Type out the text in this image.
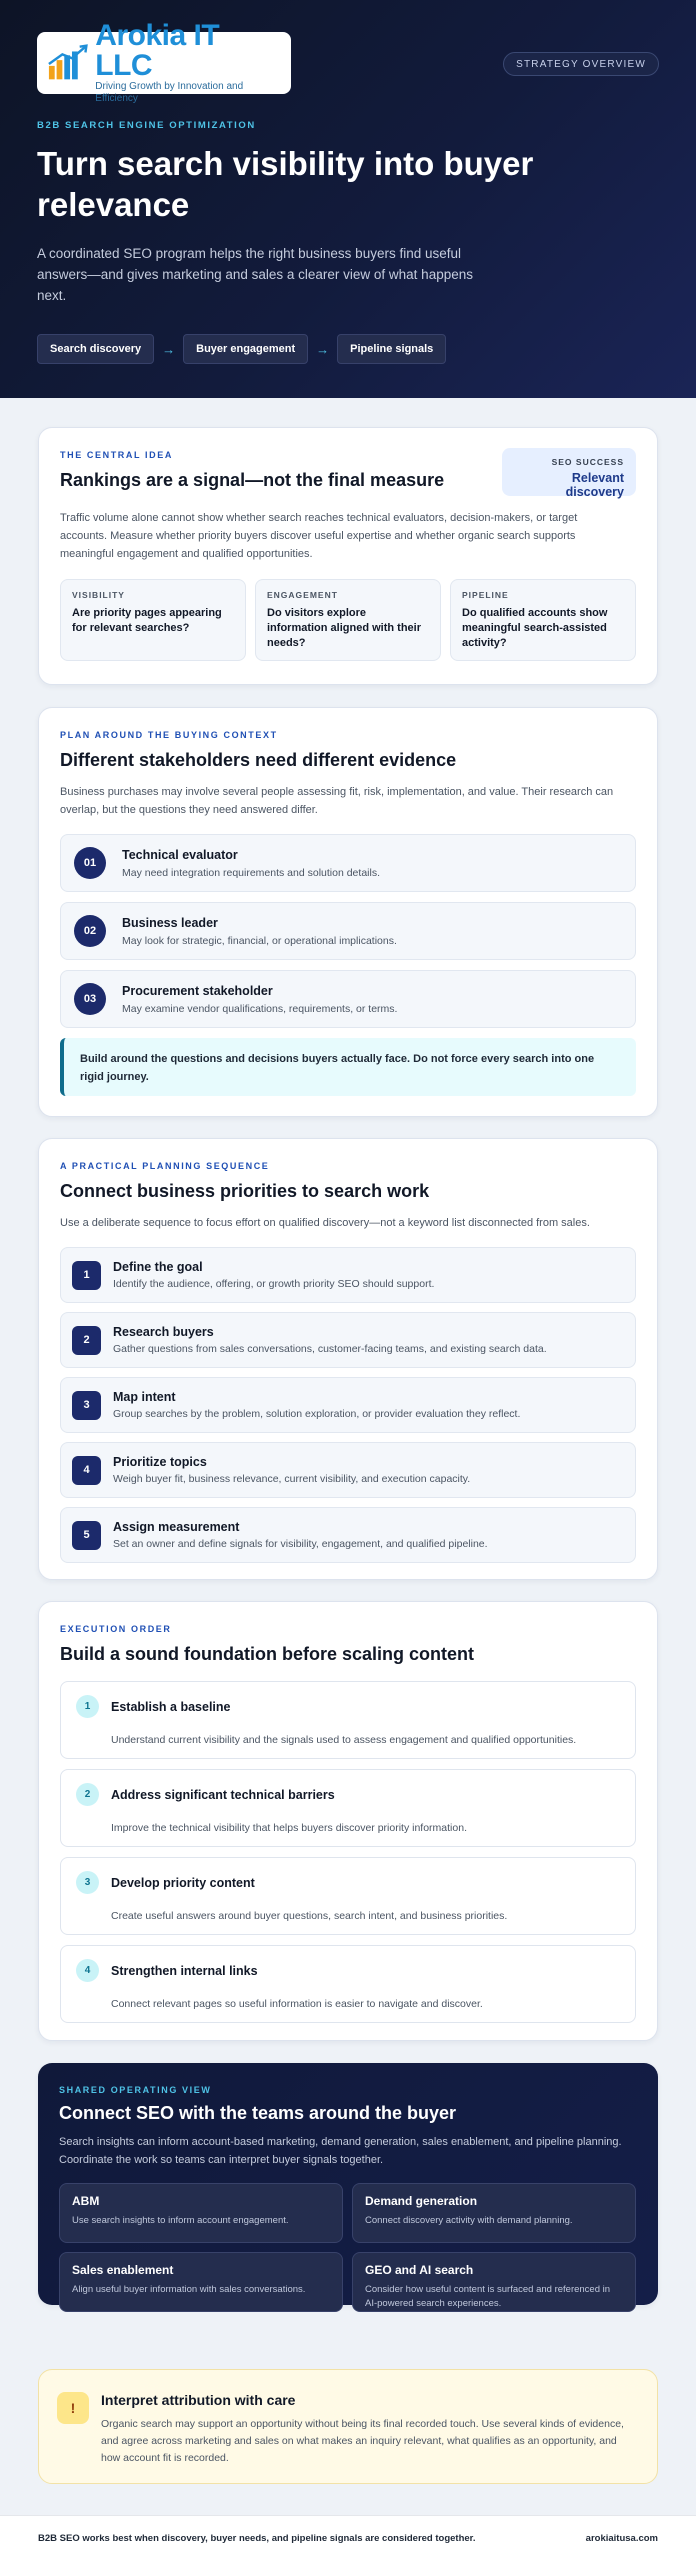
Arokia IT LLC
Driving Growth by Innovation and Efficiency
STRATEGY OVERVIEW
B2B SEARCH ENGINE OPTIMIZATION
Turn search visibility into buyer relevance

A coordinated SEO program helps the right business buyers find useful answers—and gives marketing and sales a clearer view of what happens next.

Search discovery	→	Buyer engagement	→	Pipeline signals
THE CENTRAL IDEA
Rankings are a signal—not the final measure
SEO SUCCESS
Relevant discovery

Traffic volume alone cannot show whether search reaches technical evaluators, decision-makers, or target accounts. Measure whether priority buyers discover useful expertise and whether organic search supports meaningful engagement and qualified opportunities.

VISIBILITY
Are priority pages appearing for relevant searches?
ENGAGEMENT
Do visitors explore information aligned with their needs?
PIPELINE
Do qualified accounts show meaningful search-assisted activity?
PLAN AROUND THE BUYING CONTEXT
Different stakeholders need different evidence

Business purchases may involve several people assessing fit, risk, implementation, and value. Their research can overlap, but the questions they need answered differ.

01
Technical evaluator
May need integration requirements and solution details.
02
Business leader
May look for strategic, financial, or operational implications.
03
Procurement stakeholder
May examine vendor qualifications, requirements, or terms.
Build around the questions and decisions buyers actually face. Do not force every search into one rigid journey.
A PRACTICAL PLANNING SEQUENCE
Connect business priorities to search work

Use a deliberate sequence to focus effort on qualified discovery—not a keyword list disconnected from sales.

1
Define the goal
Identify the audience, offering, or growth priority SEO should support.
2
Research buyers
Gather questions from sales conversations, customer-facing teams, and existing search data.
3
Map intent
Group searches by the problem, solution exploration, or provider evaluation they reflect.
4
Prioritize topics
Weigh buyer fit, business relevance, current visibility, and execution capacity.
5
Assign measurement
Set an owner and define signals for visibility, engagement, and qualified pipeline.
EXECUTION ORDER
Build a sound foundation before scaling content
1	Establish a baseline
Understand current visibility and the signals used to assess engagement and qualified opportunities.
2	Address significant technical barriers
Improve the technical visibility that helps buyers discover priority information.
3	Develop priority content
Create useful answers around buyer questions, search intent, and business priorities.
4	Strengthen internal links
Connect relevant pages so useful information is easier to navigate and discover.
SHARED OPERATING VIEW
Connect SEO with the teams around the buyer

Search insights can inform account-based marketing, demand generation, sales enablement, and pipeline planning. Coordinate the work so teams can interpret buyer signals together.

ABM
Use search insights to inform account engagement.
Demand generation
Connect discovery activity with demand planning.
Sales enablement
Align useful buyer information with sales conversations.
GEO and AI search
Consider how useful content is surfaced and referenced in AI-powered search experiences.
!	Interpret attribution with care

Organic search may support an opportunity without being its final recorded touch. Use several kinds of evidence, and agree across marketing and sales on what makes an inquiry relevant, what qualifies as an opportunity, and how account fit is recorded.

B2B SEO works best when discovery, buyer needs, and pipeline signals are considered together.	arokiaitusa.com
